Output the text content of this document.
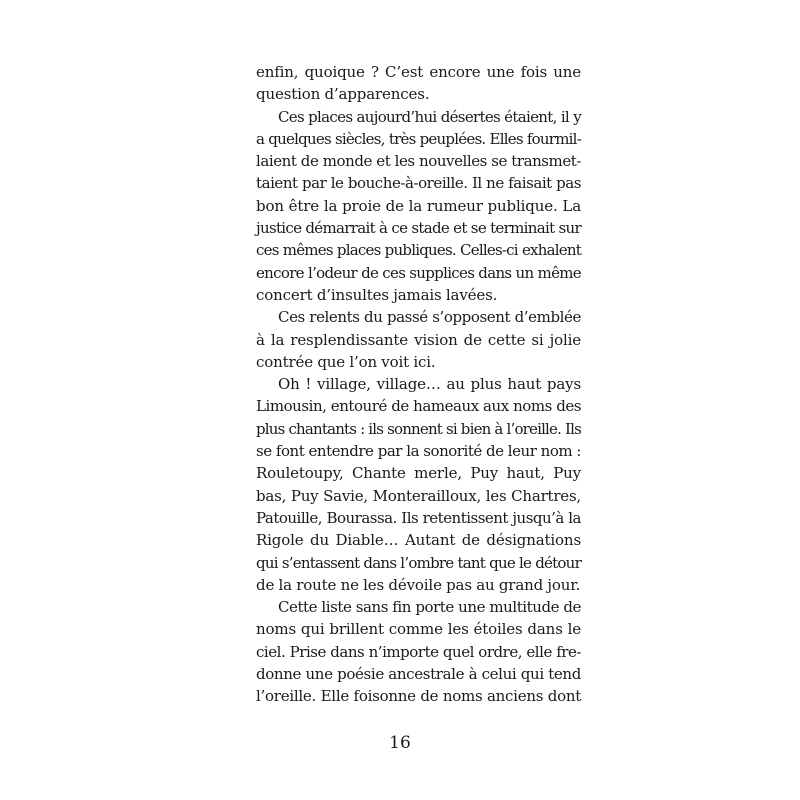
enfin, quoique ? C’est encore une fois une
question d’apparences.

Ces places aujourd’hui désertes étaient, il y
a quelques siècles, très peuplées. Elles fourmil-
laient de monde et les nouvelles se transmet-
taient par le bouche-à-oreille. Il ne faisait pas
bon être la proie de la rumeur publique. La
justice démarrait à ce stade et se terminait sur
ces mêmes places publiques. Celles-ci exhalent
encore l’odeur de ces supplices dans un même
concert d’insultes jamais lavées.

Ces relents du passé s’opposent d’emblée
à la resplendissante vision de cette si jolie
contrée que l’on voit ici.

Oh ! village, village… au plus haut pays
Limousin, entouré de hameaux aux noms des
plus chantants : ils sonnent si bien à l’oreille. Ils
se font entendre par la sonorité de leur nom :
Rouletoupy, Chante merle, Puy haut, Puy
bas, Puy Savie, Monterailloux, les Chartres,
Patouille, Bourassa. Ils retentissent jusqu’à la
Rigole du Diable… Autant de désignations
qui s’entassent dans l’ombre tant que le détour
de la route ne les dévoile pas au grand jour.

Cette liste sans fin porte une multitude de
noms qui brillent comme les étoiles dans le
ciel. Prise dans n’importe quel ordre, elle fre-
donne une poésie ancestrale à celui qui tend
l’oreille. Elle foisonne de noms anciens dont

16
